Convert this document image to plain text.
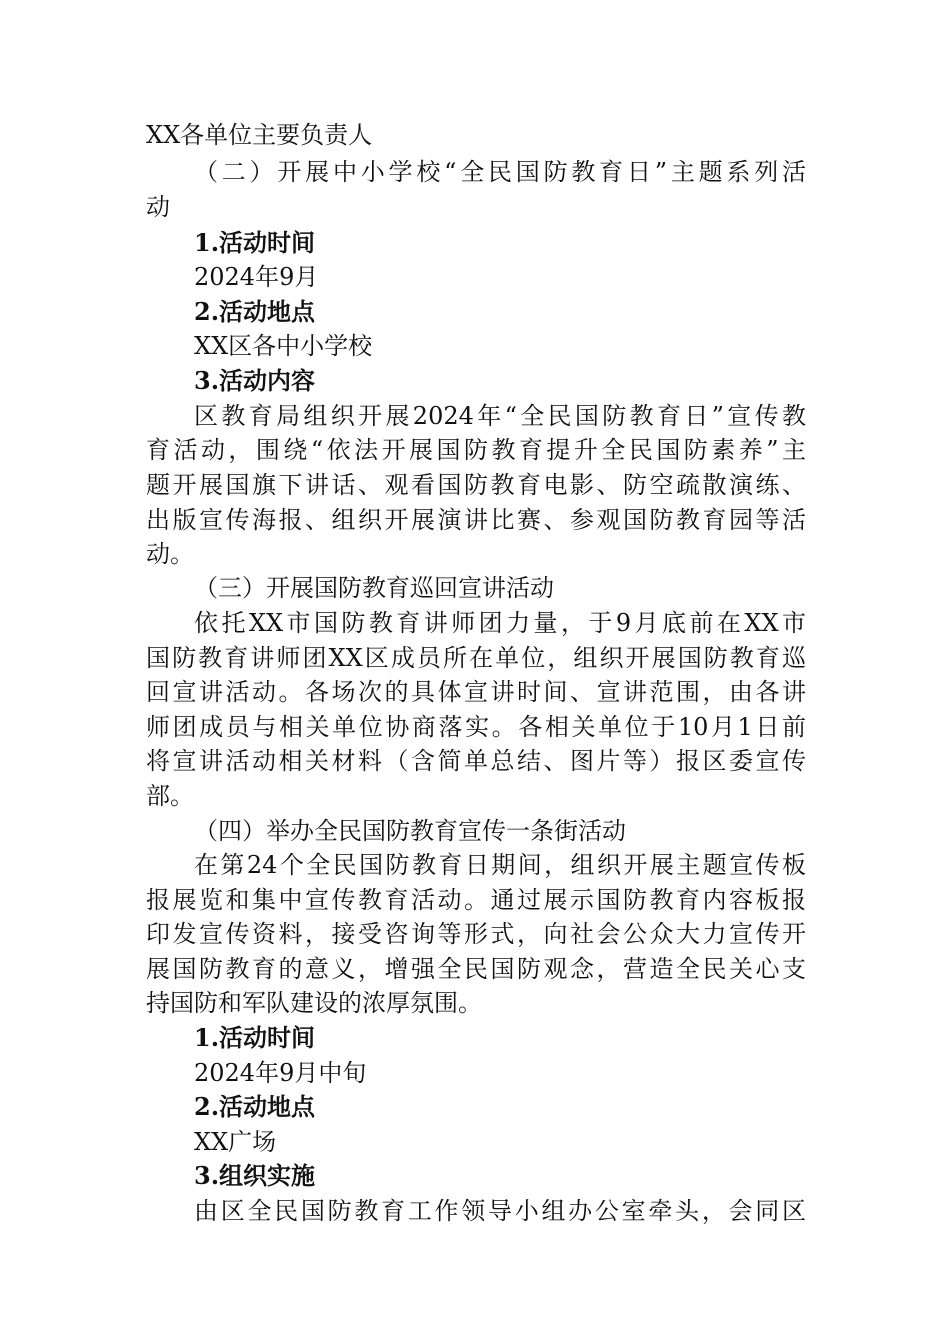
XX各单位主要负责人
（二）开展中小学校“全民国防教育日”主题系列活
动
1.活动时间
2024年9月
2.活动地点
XX区各中小学校
3.活动内容
区教育局组织开展2024年“全民国防教育日”宣传教
育活动，围绕“依法开展国防教育提升全民国防素养”主
题开展国旗下讲话、观看国防教育电影、防空疏散演练、
出版宣传海报、组织开展演讲比赛、参观国防教育园等活
动。
（三）开展国防教育巡回宣讲活动
依托XX市国防教育讲师团力量，于9月底前在XX市
国防教育讲师团XX区成员所在单位，组织开展国防教育巡
回宣讲活动。各场次的具体宣讲时间、宣讲范围，由各讲
师团成员与相关单位协商落实。各相关单位于10月1日前
将宣讲活动相关材料（含简单总结、图片等）报区委宣传
部。
（四）举办全民国防教育宣传一条街活动
在第24个全民国防教育日期间，组织开展主题宣传板
报展览和集中宣传教育活动。通过展示国防教育内容板报
印发宣传资料，接受咨询等形式，向社会公众大力宣传开
展国防教育的意义，增强全民国防观念，营造全民关心支
持国防和军队建设的浓厚氛围。
1.活动时间
2024年9月中旬
2.活动地点
XX广场
3.组织实施
由区全民国防教育工作领导小组办公室牵头，会同区
